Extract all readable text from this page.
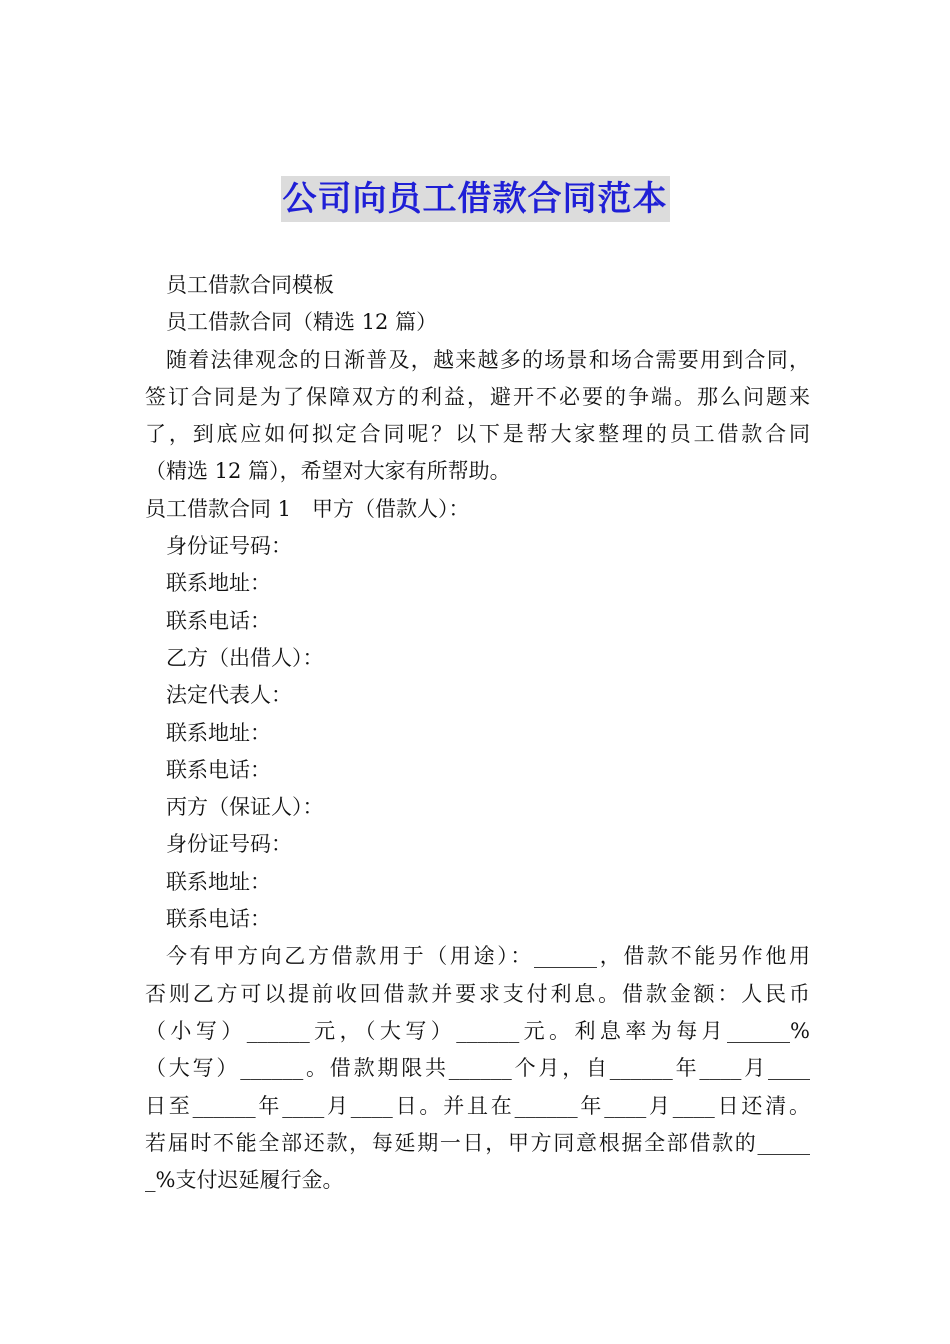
公司向员工借款合同范本
员工借款合同模板
员工借款合同（精选 12 篇）
随着法律观念的日渐普及，越来越多的场景和场合需要用到合同，
签订合同是为了保障双方的利益，避开不必要的争端。那么问题来
了，到底应如何拟定合同呢？以下是帮大家整理的员工借款合同
（精选 12 篇），希望对大家有所帮助。
员工借款合同 1　甲方（借款人）：
身份证号码：
联系地址：
联系电话：
乙方（出借人）：
法定代表人：
联系地址：
联系电话：
丙方（保证人）：
身份证号码：
联系地址：
联系电话：
今有甲方向乙方借款用于（用途）：______，借款不能另作他用
否则乙方可以提前收回借款并要求支付利息。借款金额：人民币
（小写）______元，（大写）______元。利息率为每月______%
（大写）______。借款期限共______个月，自______年____月____
日至______年____月____日。并且在______年____月____日还清。
若届时不能全部还款，每延期一日，甲方同意根据全部借款的_____
_%支付迟延履行金。
